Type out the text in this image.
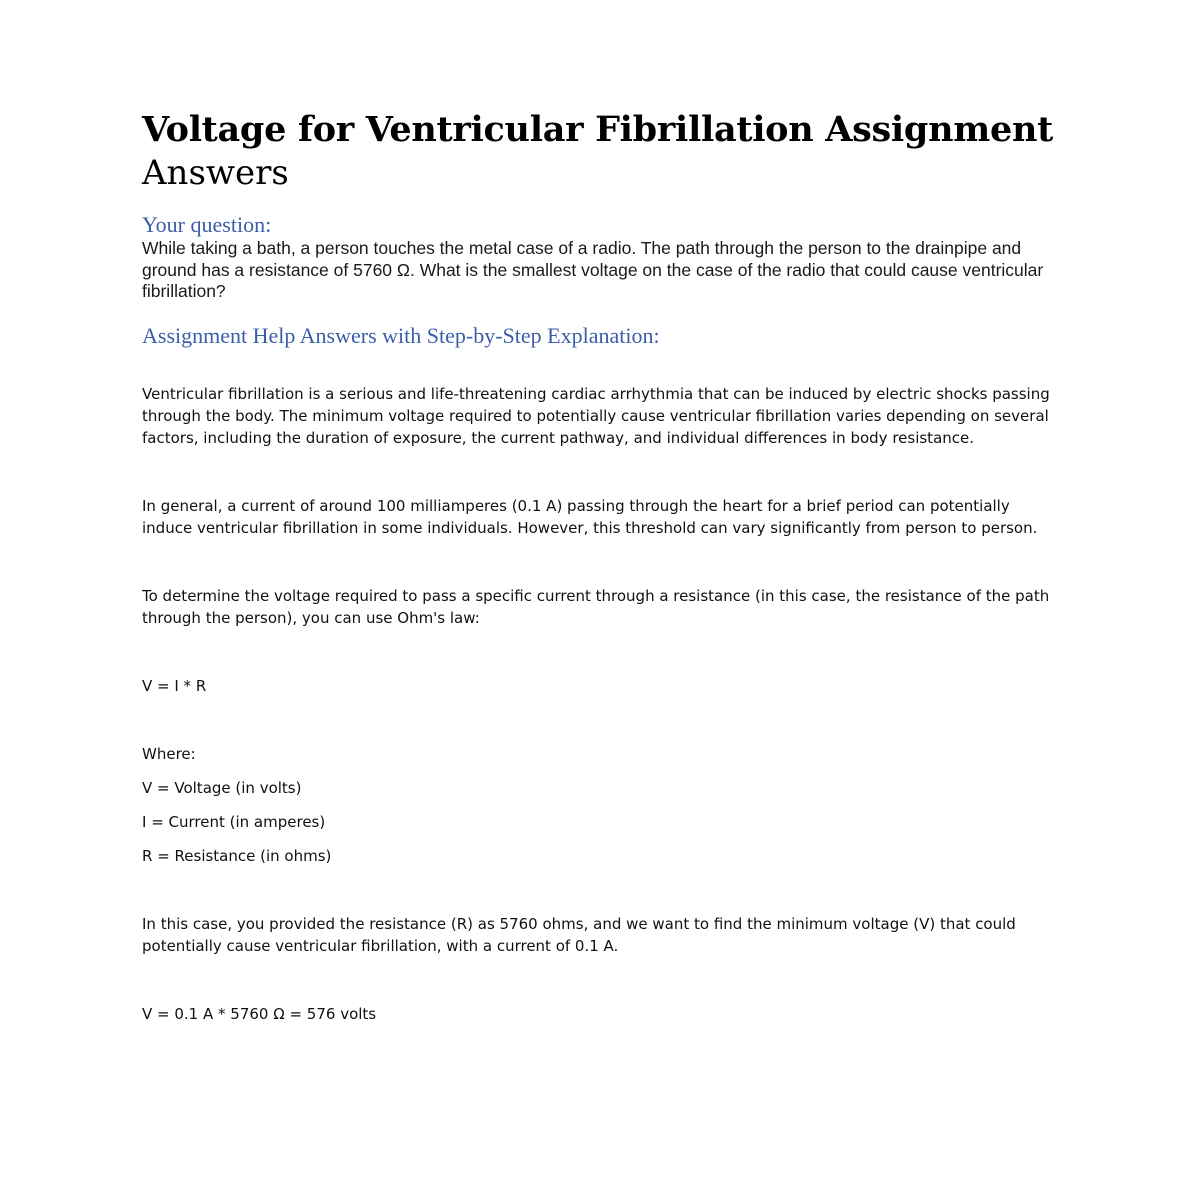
Voltage for Ventricular Fibrillation Assignment
Answers
Your question:

While taking a bath, a person touches the metal case of a radio. The path through the person to the drainpipe and ground has a resistance of 5760 Ω. What is the smallest voltage on the case of the radio that could cause ventricular fibrillation?

Assignment Help Answers with Step-by-Step Explanation:

Ventricular fibrillation is a serious and life-threatening cardiac arrhythmia that can be induced by electric shocks passing through the body. The minimum voltage required to potentially cause ventricular fibrillation varies depending on several factors, including the duration of exposure, the current pathway, and individual differences in body resistance.

In general, a current of around 100 milliamperes (0.1 A) passing through the heart for a brief period can potentially induce ventricular fibrillation in some individuals. However, this threshold can vary significantly from person to person.

To determine the voltage required to pass a specific current through a resistance (in this case, the resistance of the path through the person), you can use Ohm's law:

V = I * R

Where:

V = Voltage (in volts)

I = Current (in amperes)

R = Resistance (in ohms)

In this case, you provided the resistance (R) as 5760 ohms, and we want to find the minimum voltage (V) that could potentially cause ventricular fibrillation, with a current of 0.1 A.

V = 0.1 A * 5760 Ω = 576 volts
